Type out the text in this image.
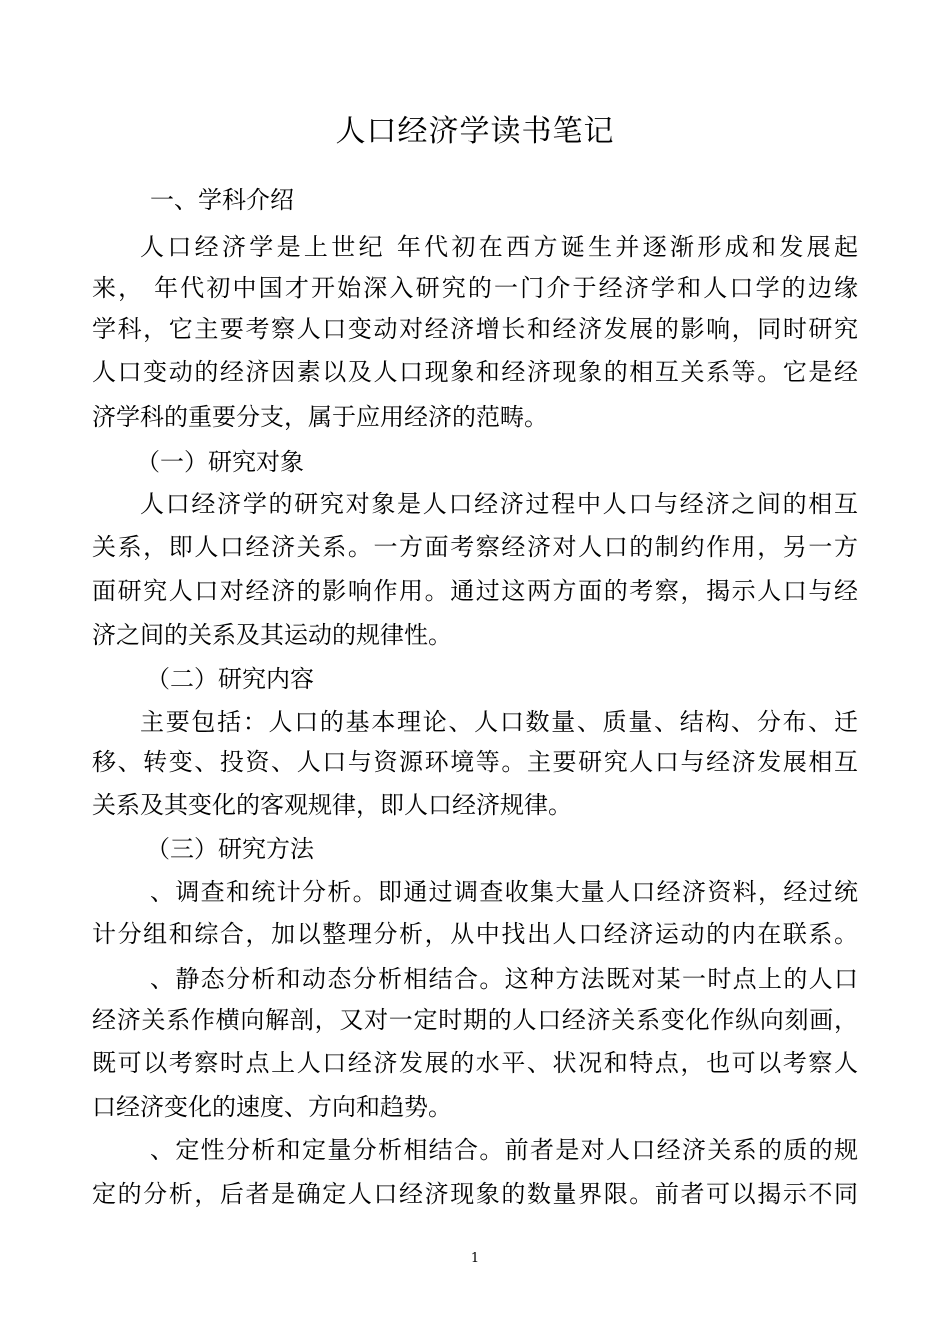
人口经济学读书笔记
一、学科介绍
人口经济学是上世纪 年代初在西方诞生并逐渐形成和发展起
来， 年代初中国才开始深入研究的一门介于经济学和人口学的边缘
学科，它主要考察人口变动对经济增长和经济发展的影响，同时研究
人口变动的经济因素以及人口现象和经济现象的相互关系等。它是经
济学科的重要分支，属于应用经济的范畴。
（一）研究对象
人口经济学的研究对象是人口经济过程中人口与经济之间的相互
关系，即人口经济关系。一方面考察经济对人口的制约作用，另一方
面研究人口对经济的影响作用。通过这两方面的考察，揭示人口与经
济之间的关系及其运动的规律性。
（二）研究内容
主要包括：人口的基本理论、人口数量、质量、结构、分布、迁
移、转变、投资、人口与资源环境等。主要研究人口与经济发展相互
关系及其变化的客观规律，即人口经济规律。
（三）研究方法
、调查和统计分析。即通过调查收集大量人口经济资料，经过统
计分组和综合，加以整理分析，从中找出人口经济运动的内在联系。
、静态分析和动态分析相结合。这种方法既对某一时点上的人口
经济关系作横向解剖，又对一定时期的人口经济关系变化作纵向刻画，
既可以考察时点上人口经济发展的水平、状况和特点，也可以考察人
口经济变化的速度、方向和趋势。
、定性分析和定量分析相结合。前者是对人口经济关系的质的规
定的分析，后者是确定人口经济现象的数量界限。前者可以揭示不同
1
